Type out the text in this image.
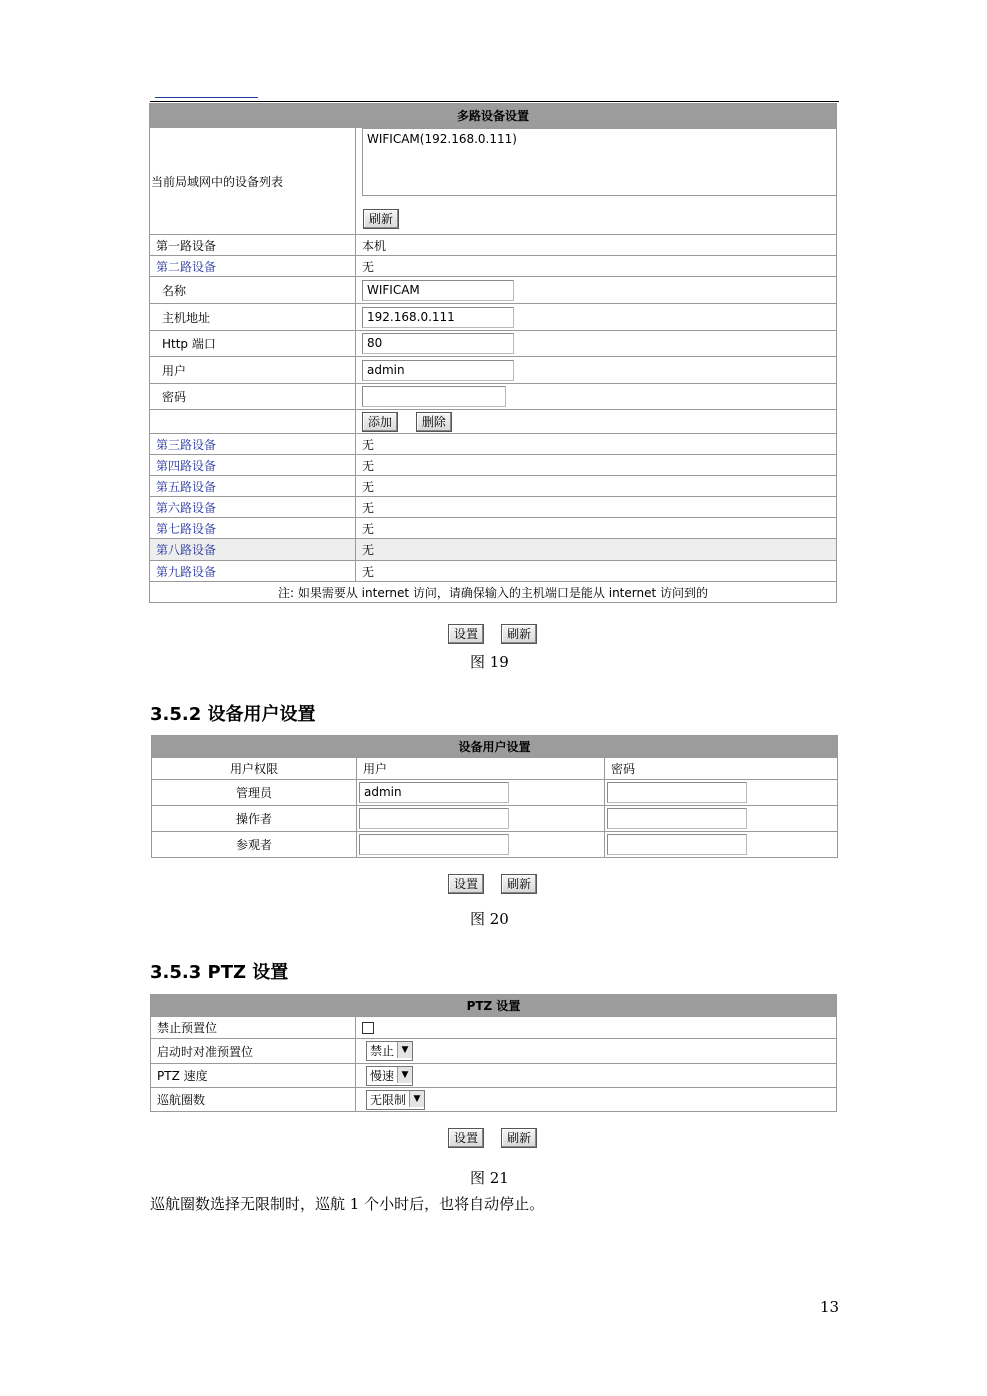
多路设备设置	
当前局域网中的设备列表	WIFICAM(192.168.0.111)
刷新

第一路设备	本机
第二路设备	无
名称	WIFICAM
主机地址	192.168.0.111
Http 端口	80
用户	admin
密码	
	添加 删除
第三路设备	无
第四路设备	无
第五路设备	无
第六路设备	无
第七路设备	无
第八路设备	无
第九路设备	无
注: 如果需要从 internet 访问，请确保输入的主机端口是能从 internet 访问到的	
设置 刷新
图 19
3.5.2 设备用户设置
设备用户设置		
用户权限	用户	密码
管理员	admin	
操作者		
参观者		
设置 刷新
图 20
3.5.3 PTZ 设置
PTZ 设置	
禁止预置位	
启动时对准预置位	禁止 ▼
PTZ 速度	慢速 ▼
巡航圈数	无限制 ▼
设置 刷新
图 21
巡航圈数选择无限制时，巡航 1 个小时后，也将自动停止。
13
